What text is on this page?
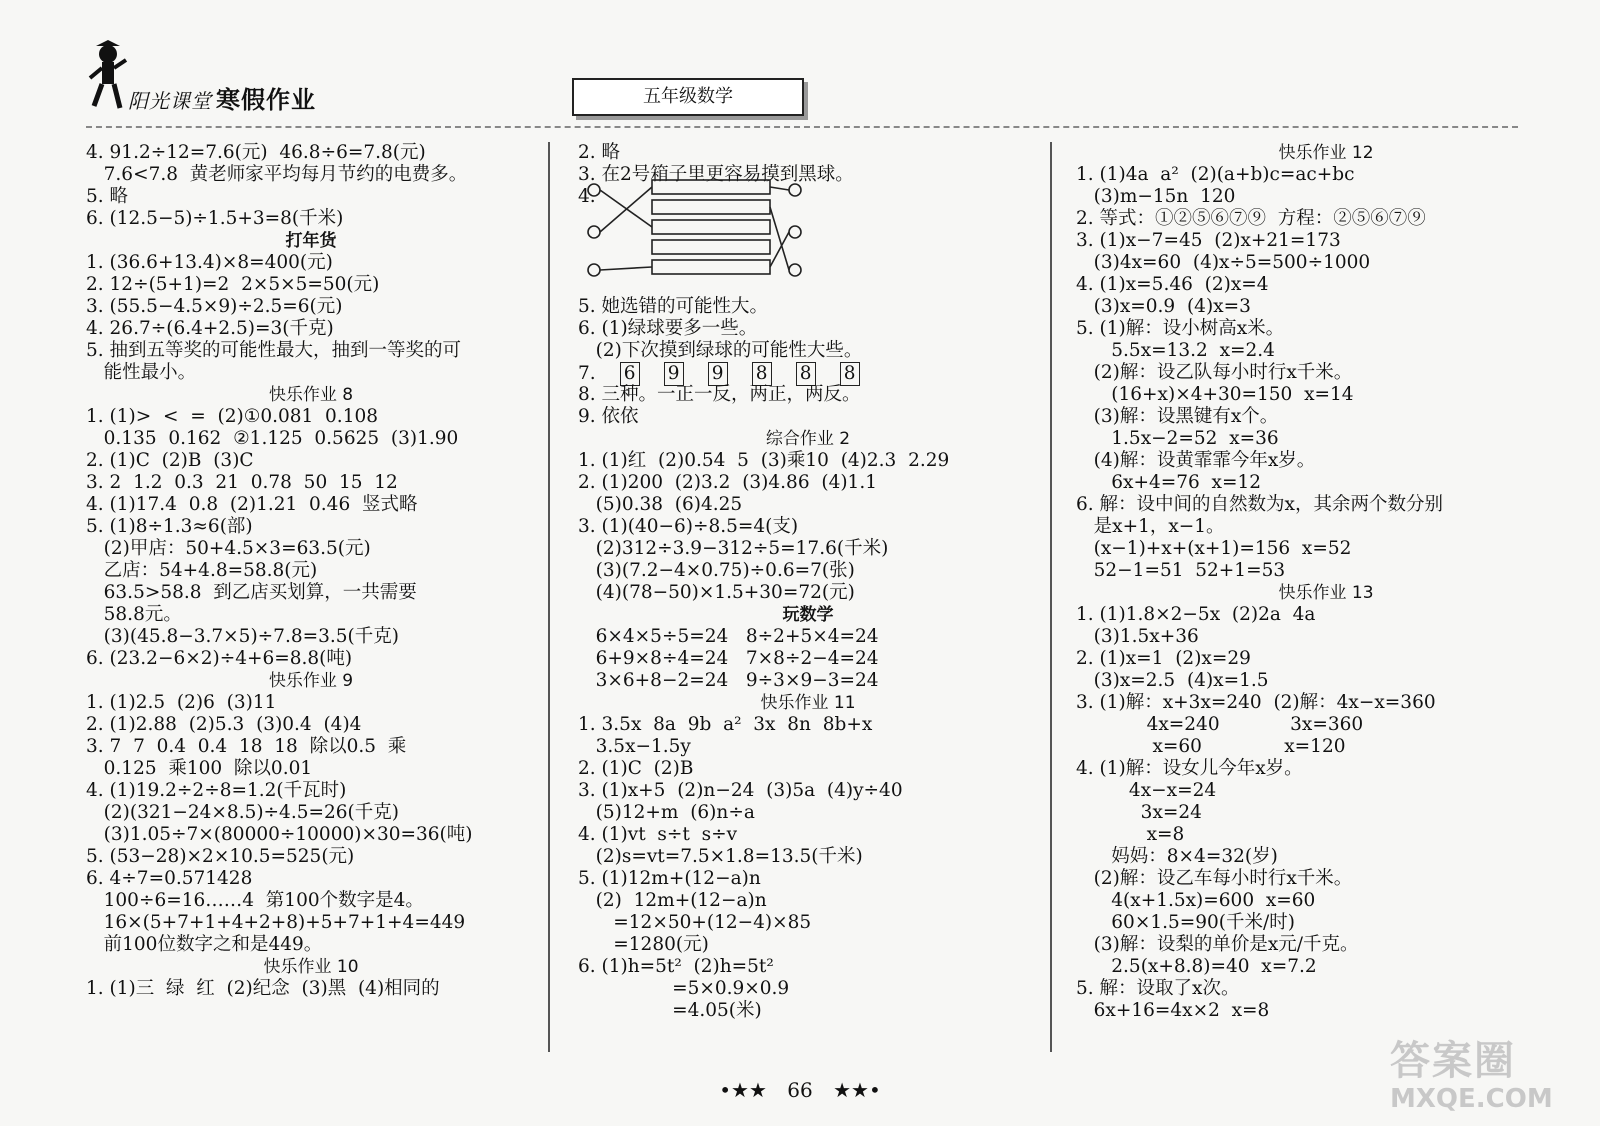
阳光课堂 寒假作业	五年级数学
4. 91.2÷12=7.6(元)  46.8÷6=7.8(元)
7.6<7.8  黄老师家平均每月节约的电费多。
5. 略
6. (12.5−5)÷1.5+3=8(千米)
打年货
1. (36.6+13.4)×8=400(元)
2. 12÷(5+1)=2  2×5×5=50(元)
3. (55.5−4.5×9)÷2.5=6(元)
4. 26.7÷(6.4+2.5)=3(千克)
5. 抽到五等奖的可能性最大，抽到一等奖的可
能性最小。
快乐作业 8
1. (1)>  <  =  (2)①0.081  0.108
0.135  0.162  ②1.125  0.5625  (3)1.90
2. (1)C  (2)B  (3)C
3. 2  1.2  0.3  21  0.78  50  15  12
4. (1)17.4  0.8  (2)1.21  0.46  竖式略
5. (1)8÷1.3≈6(部)
(2)甲店：50+4.5×3=63.5(元)
乙店：54+4.8=58.8(元)
63.5>58.8  到乙店买划算，一共需要
58.8元。
(3)(45.8−3.7×5)÷7.8=3.5(千克)
6. (23.2−6×2)÷4+6=8.8(吨)
快乐作业 9
1. (1)2.5  (2)6  (3)11
2. (1)2.88  (2)5.3  (3)0.4  (4)4
3. 7  7  0.4  0.4  18  18  除以0.5  乘
0.125  乘100  除以0.01
4. (1)19.2÷2÷8=1.2(千瓦时)
(2)(321−24×8.5)÷4.5=26(千克)
(3)1.05÷7×(80000÷10000)×30=36(吨)
5. (53−28)×2×10.5=525(元)
6. 4÷7=0.571428
100÷6=16……4  第100个数字是4。
16×(5+7+1+4+2+8)+5+7+1+4=449
前100位数字之和是449。
快乐作业 10
1. (1)三  绿  红  (2)纪念  (3)黑  (4)相同的
2. 略
3. 在2号箱子里更容易摸到黑球。
4.
5. 她选错的可能性大。
6. (1)绿球要多一些。
(2)下次摸到绿球的可能性大些。
7. 6 9 9 8 8 8
8. 三种。一正一反，两正，两反。
9. 依依
综合作业 2
1. (1)红  (2)0.54  5  (3)乘10  (4)2.3  2.29
2. (1)200  (2)3.2  (3)4.86  (4)1.1
(5)0.38  (6)4.25
3. (1)(40−6)÷8.5=4(支)
(2)312÷3.9−312÷5=17.6(千米)
(3)(7.2−4×0.75)÷0.6=7(张)
(4)(78−50)×1.5+30=72(元)
玩数学
6×4×5÷5=24   8÷2+5×4=24
6+9×8÷4=24   7×8÷2−4=24
3×6+8−2=24   9÷3×9−3=24
快乐作业 11
1. 3.5x  8a  9b  a²  3x  8n  8b+x
3.5x−1.5y
2. (1)C  (2)B
3. (1)x+5  (2)n−24  (3)5a  (4)y÷40
(5)12+m  (6)n÷a
4. (1)vt  s÷t  s÷v
(2)s=vt=7.5×1.8=13.5(千米)
5. (1)12m+(12−a)n
(2)  12m+(12−a)n
=12×50+(12−4)×85
=1280(元)
6. (1)h=5t²  (2)h=5t²
=5×0.9×0.9
=4.05(米)
快乐作业 12
1. (1)4a  a²  (2)(a+b)c=ac+bc
(3)m−15n  120
2. 等式：①②⑤⑥⑦⑨  方程：②⑤⑥⑦⑨
3. (1)x−7=45  (2)x+21=173
(3)4x=60  (4)x÷5=500÷1000
4. (1)x=5.46  (2)x=4
(3)x=0.9  (4)x=3
5. (1)解：设小树高x米。
5.5x=13.2  x=2.4
(2)解：设乙队每小时行x千米。
(16+x)×4+30=150  x=14
(3)解：设黑键有x个。
1.5x−2=52  x=36
(4)解：设黄霏霏今年x岁。
6x+4=76  x=12
6. 解：设中间的自然数为x，其余两个数分别
是x+1，x−1。
(x−1)+x+(x+1)=156  x=52
52−1=51  52+1=53
快乐作业 13
1. (1)1.8×2−5x  (2)2a  4a
(3)1.5x+36
2. (1)x=1  (2)x=29
(3)x=2.5  (4)x=1.5
3. (1)解：x+3x=240  (2)解：4x−x=360
4x=240            3x=360
x=60              x=120
4. (1)解：设女儿今年x岁。
4x−x=24
3x=24
x=8
妈妈：8×4=32(岁)
(2)解：设乙车每小时行x千米。
4(x+1.5x)=600  x=60
60×1.5=90(千米/时)
(3)解：设梨的单价是x元/千克。
2.5(x+8.8)=40  x=7.2
5. 解：设取了x次。
6x+16=4x×2  x=8
•★★ 66 ★★•
答案圈
MXQE.COM
